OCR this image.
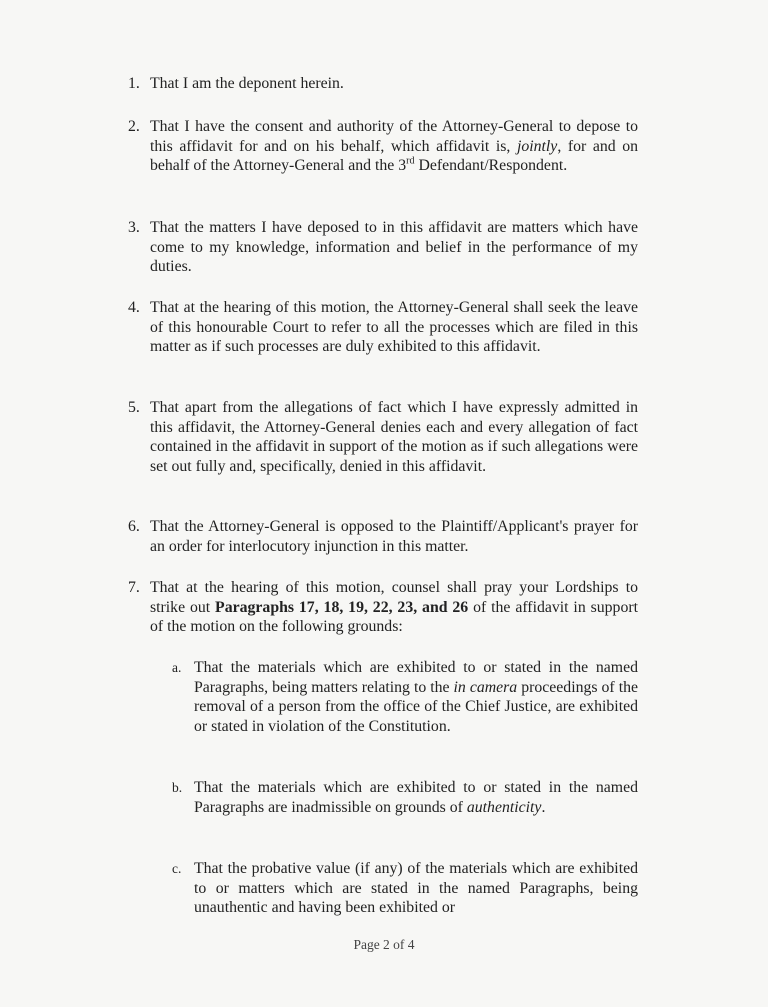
1. That I am the deponent herein.
2. That I have the consent and authority of the Attorney-General to depose to this affidavit for and on his behalf, which affidavit is, jointly, for and on behalf of the Attorney-General and the 3rd Defendant/Respondent.
3. That the matters I have deposed to in this affidavit are matters which have come to my knowledge, information and belief in the performance of my duties.
4. That at the hearing of this motion, the Attorney-General shall seek the leave of this honourable Court to refer to all the processes which are filed in this matter as if such processes are duly exhibited to this affidavit.
5. That apart from the allegations of fact which I have expressly admitted in this affidavit, the Attorney-General denies each and every allegation of fact contained in the affidavit in support of the motion as if such allegations were set out fully and, specifically, denied in this affidavit.
6. That the Attorney-General is opposed to the Plaintiff/Applicant's prayer for an order for interlocutory injunction in this matter.
7. That at the hearing of this motion, counsel shall pray your Lordships to strike out Paragraphs 17, 18, 19, 22, 23, and 26 of the affidavit in support of the motion on the following grounds:
a. That the materials which are exhibited to or stated in the named Paragraphs, being matters relating to the in camera proceedings of the removal of a person from the office of the Chief Justice, are exhibited or stated in violation of the Constitution.
b. That the materials which are exhibited to or stated in the named Paragraphs are inadmissible on grounds of authenticity.
c. That the probative value (if any) of the materials which are exhibited to or matters which are stated in the named Paragraphs, being unauthentic and having been exhibited or
Page 2 of 4
